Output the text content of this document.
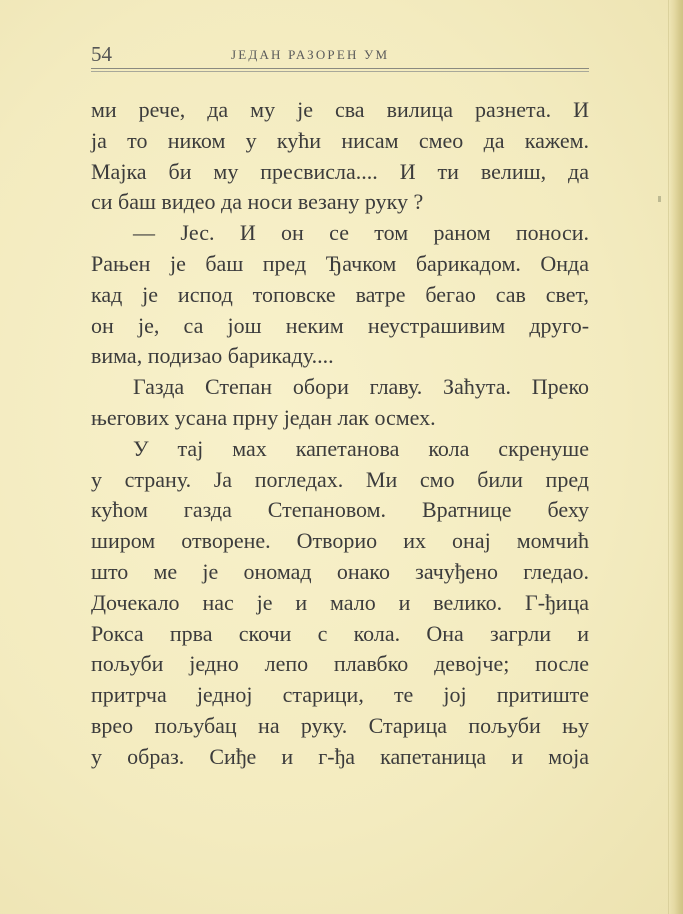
54	ЈЕДАН РАЗОРЕН УМ
ми рече, да му је сва вилица разнета. И
ја то ником у кући нисам смео да кажем.
Мајка би му пресвисла.... И ти велиш, да
си баш видео да носи везану руку ?
— Јес. И он се том раном поноси.
Рањен је баш пред Ђачком барикадом. Онда
кад је испод топовске ватре бегао сав свет,
он је, са још неким неустрашивим друго-
вима, подизао барикаду....
Газда Степан обори главу. Заћута. Преко
његових усана прну један лак осмех.
У тај мах капетанова кола скренуше
у страну. Ја погледах. Ми смо били пред
кућом газда Степановом. Вратнице беху
широм отворене. Отворио их онај момчић
што ме је ономад онако зачуђено гледао.
Дочекало нас је и мало и велико. Г-ђица
Рокса прва скочи с кола. Она загрли и
пољуби једно лепо плавбко девојче; после
притрча једној старици, те јој притиште
врео пољубац на руку. Старица пољуби њу
у образ. Сиђе и г-ђа капетаница и моја
